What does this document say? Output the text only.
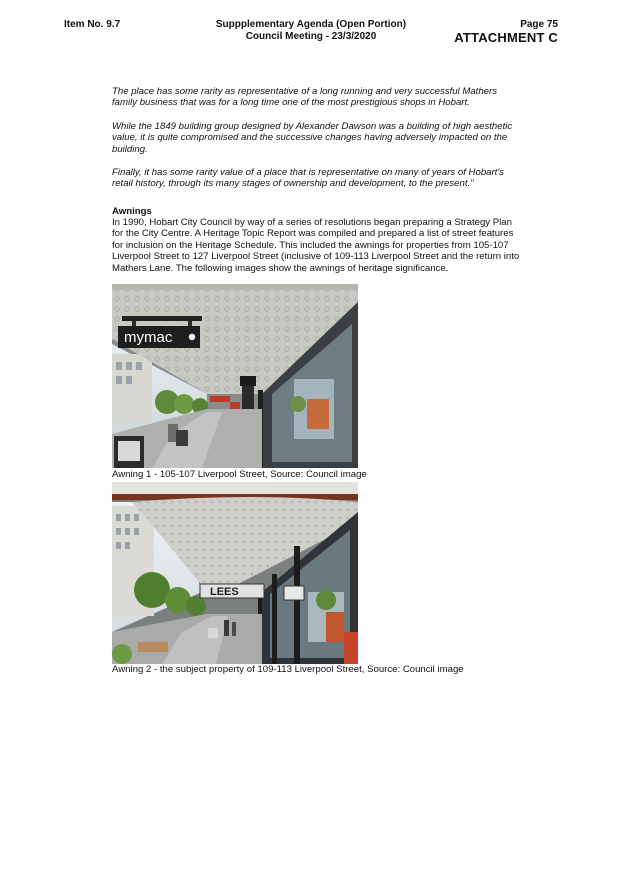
Item No. 9.7	Suppplementary Agenda (Open Portion)
Council Meeting - 23/3/2020
Page 75
ATTACHMENT C
The place has some rarity as representative of a long running and very successful Mathers family business that was for a long time one of the most prestigious shops in Hobart.
While the 1849 building group designed by Alexander Dawson was a building of high aesthetic value, it is quite compromised and the successive changes having adversely impacted on the building.
Finally, it has some rarity value of a place that is representative on many of years of Hobart's retail history, through its many stages of ownership and development, to the present."
Awnings
In 1990, Hobart City Council by way of a series of resolutions began preparing a Strategy Plan for the City Centre. A Heritage Topic Report was compiled and prepared a list of street features for inclusion on the Heritage Schedule. This included the awnings for properties from 105-107 Liverpool Street to 127 Liverpool Street (inclusive of 109-113 Liverpool Street and the return into Mathers Lane. The following images show the awnings of heritage significance.
mymac
Awning 1 - 105-107 Liverpool Street, Source: Council image
LEES
Awning 2 - the subject property of 109-113 Liverpool Street, Source: Council image
